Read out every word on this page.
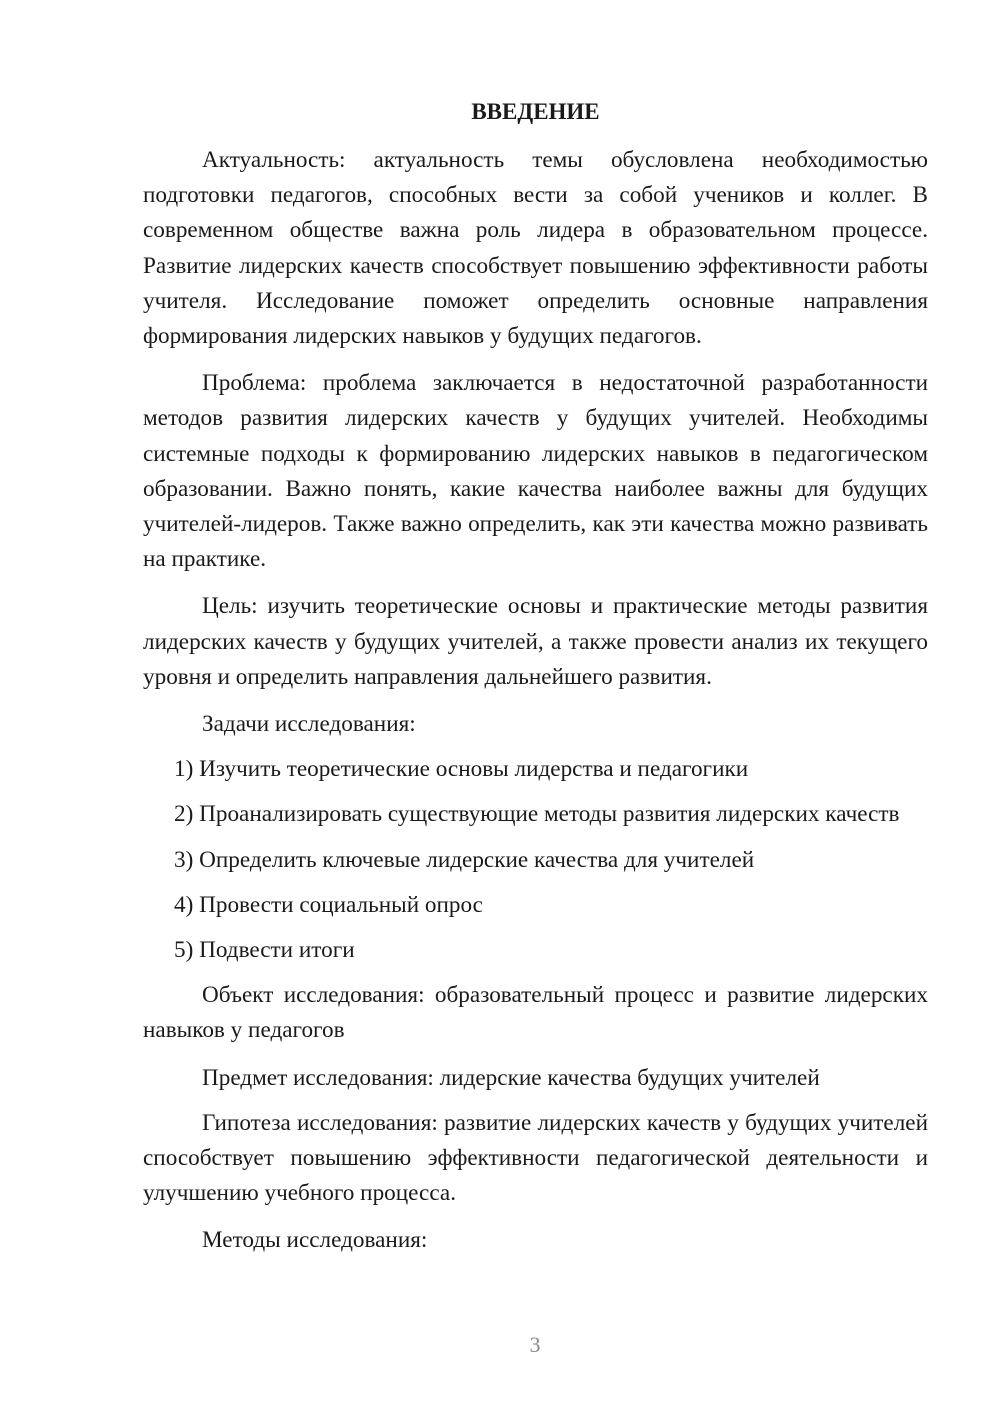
ВВЕДЕНИЕ

Актуальность: актуальность темы обусловлена необходимостью подготовки педагогов, способных вести за собой учеников и коллег. В современном обществе важна роль лидера в образовательном процессе. Развитие лидерских качеств способствует повышению эффективности работы учителя. Исследование поможет определить основные направления формирования лидерских навыков у будущих педагогов.

Проблема: проблема заключается в недостаточной разработанности методов развития лидерских качеств у будущих учителей. Необходимы системные подходы к формированию лидерских навыков в педагогическом образовании. Важно понять, какие качества наиболее важны для будущих учителей-лидеров. Также важно определить, как эти качества можно развивать на практике.

Цель: изучить теоретические основы и практические методы развития лидерских качеств у будущих учителей, а также провести анализ их текущего уровня и определить направления дальнейшего развития.

Задачи исследования:

1) Изучить теоретические основы лидерства и педагогики

2) Проанализировать существующие методы развития лидерских качеств

3) Определить ключевые лидерские качества для учителей

4) Провести социальный опрос

5) Подвести итоги

Объект исследования: образовательный процесс и развитие лидерских навыков у педагогов

Предмет исследования: лидерские качества будущих учителей

Гипотеза исследования: развитие лидерских качеств у будущих учителей способствует повышению эффективности педагогической деятельности и улучшению учебного процесса.

Методы исследования:

3
